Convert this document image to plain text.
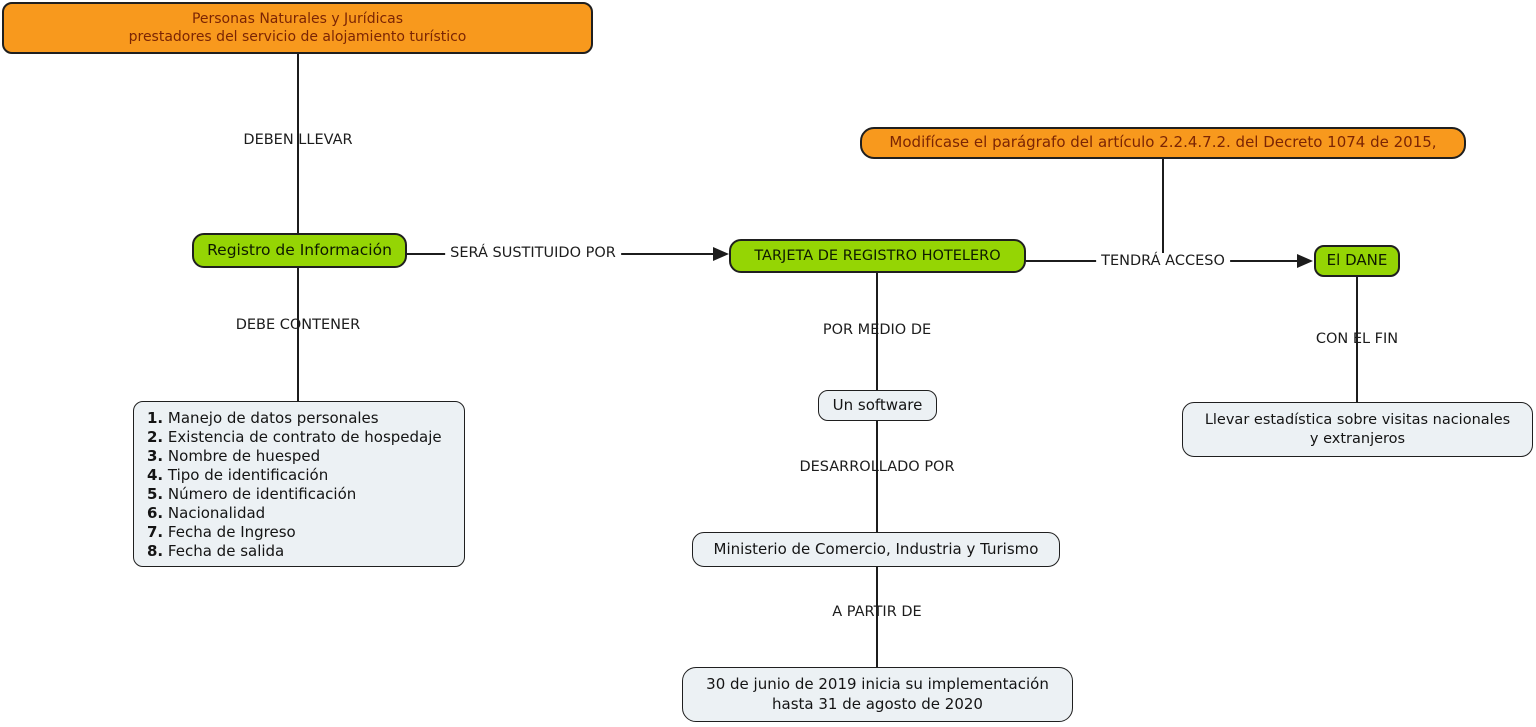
DEBEN LLEVAR
DEBE CONTENER
SERÁ SUSTITUIDO POR	TENDRÁ ACCESO
CON EL FIN
POR MEDIO DE
DESARROLLADO POR
A PARTIR DE
Personas Naturales y Jurídicas
prestadores del servicio de alojamiento turístico
Modifícase el parágrafo del artículo 2.2.4.7.2. del Decreto 1074 de 2015,
Registro de Información	TARJETA DE REGISTRO HOTELERO	El DANE
1. Manejo de datos personales
2. Existencia de contrato de hospedaje
3. Nombre de huesped
4. Tipo de identificación
5. Número de identificación
6. Nacionalidad
7. Fecha de Ingreso
8. Fecha de salida
Un software
Ministerio de Comercio, Industria y Turismo
30 de junio de 2019 inicia su implementación
hasta 31 de agosto de 2020
Llevar estadística sobre visitas nacionales
y extranjeros
